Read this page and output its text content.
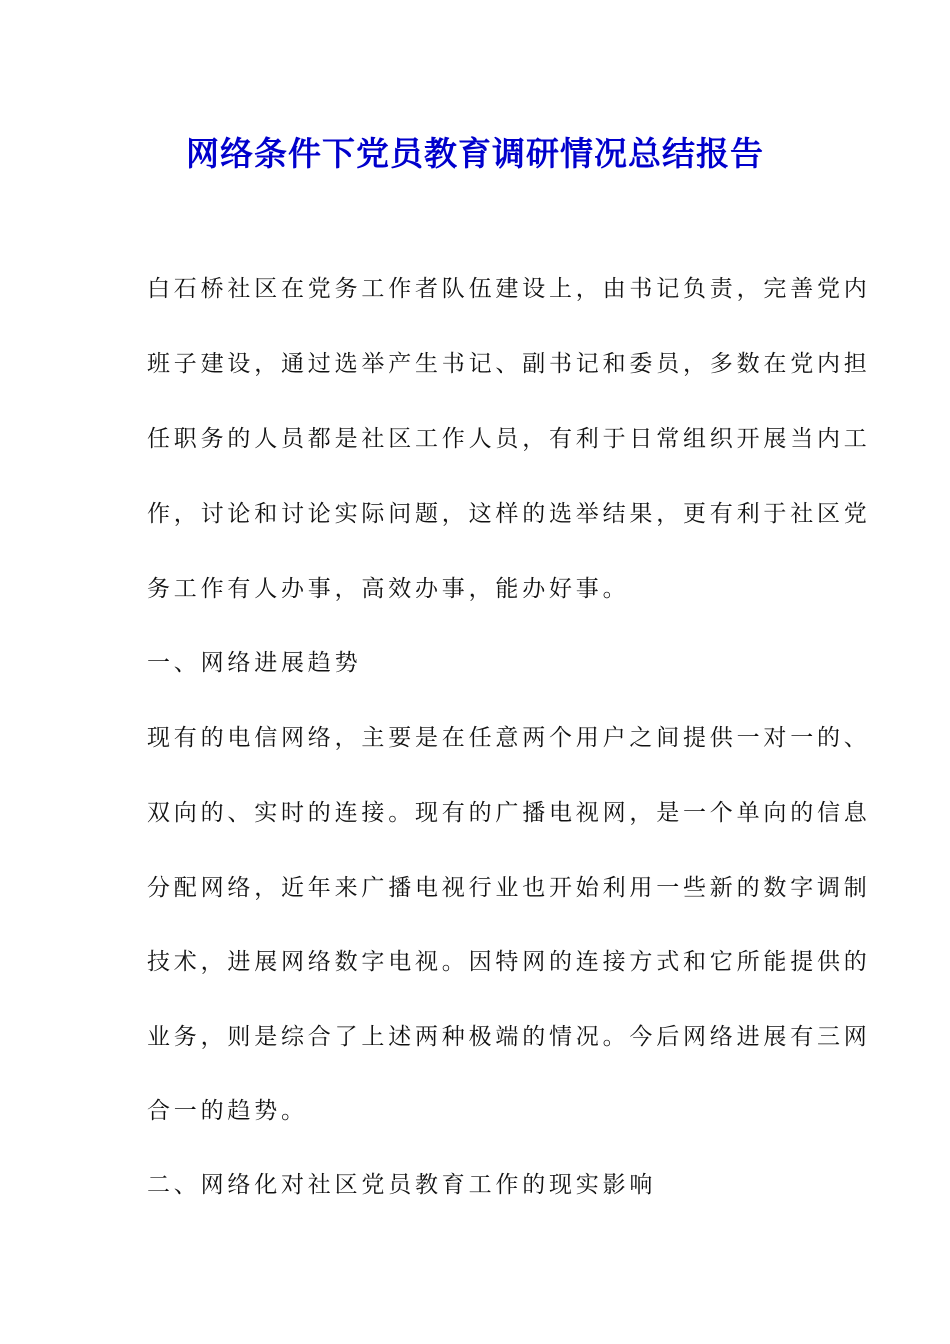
网络条件下党员教育调研情况总结报告

白石桥社区在党务工作者队伍建设上，由书记负责，完善党内

班子建设，通过选举产生书记、副书记和委员，多数在党内担

任职务的人员都是社区工作人员，有利于日常组织开展当内工

作，讨论和讨论实际问题，这样的选举结果，更有利于社区党

务工作有人办事，高效办事，能办好事。

一、网络进展趋势

现有的电信网络，主要是在任意两个用户之间提供一对一的、

双向的、实时的连接。现有的广播电视网，是一个单向的信息

分配网络，近年来广播电视行业也开始利用一些新的数字调制

技术，进展网络数字电视。因特网的连接方式和它所能提供的

业务，则是综合了上述两种极端的情况。今后网络进展有三网

合一的趋势。

二、网络化对社区党员教育工作的现实影响
